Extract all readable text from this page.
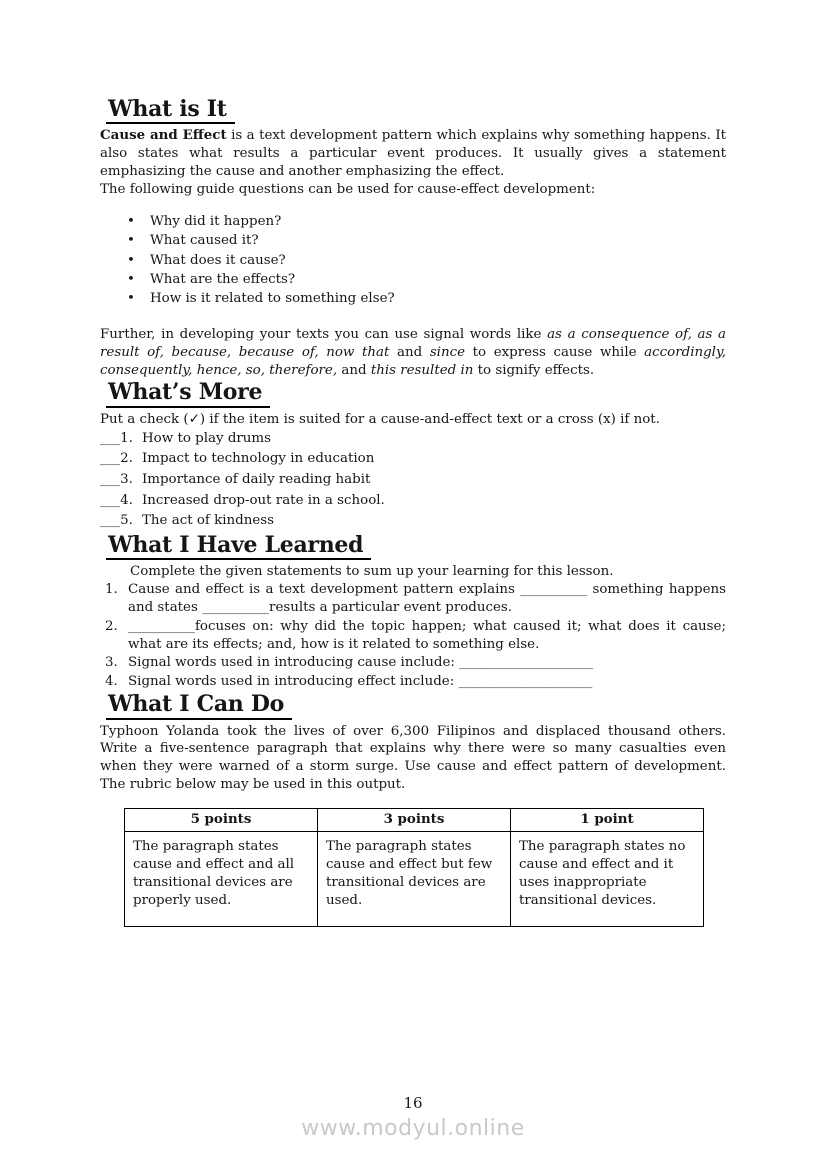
What is It

Cause and Effect is a text development pattern which explains why something happens. It also states what results a particular event produces. It usually gives a statement emphasizing the cause and another emphasizing the effect.

The following guide questions can be used for cause-effect development:

• Why did it happen?
• What caused it?
• What does it cause?
• What are the effects?
• How is it related to something else?

Further, in developing your texts you can use signal words like as a consequence of, as a result of, because, because of, now that and since to express cause while accordingly, consequently, hence, so, therefore, and this resulted in to signify effects.

What’s More

Put a check (✓) if the item is suited for a cause-and-effect text or a cross (x) if not.

___1. How to play drums
___2. Impact to technology in education
___3. Importance of daily reading habit
___4. Increased drop-out rate in a school.
___5. The act of kindness
What I Have Learned

Complete the given statements to sum up your learning for this lesson.

1. Cause and effect is a text development pattern explains __________ something happens and states __________results a particular event produces.
2. __________focuses on: why did the topic happen; what caused it; what does it cause; what are its effects; and, how is it related to something else.
3. Signal words used in introducing cause include: ____________________
4. Signal words used in introducing effect include: ____________________
What I Can Do

Typhoon Yolanda took the lives of over 6,300 Filipinos and displaced thousand others. Write a five-sentence paragraph that explains why there were so many casualties even when they were warned of a storm surge. Use cause and effect pattern of development. The rubric below may be used in this output.

5 points	3 points	1 point
The paragraph states cause and effect and all transitional devices are properly used.	The paragraph states cause and effect but few transitional devices are used.	The paragraph states no cause and effect and it uses inappropriate transitional devices.
16
www.modyul.online
